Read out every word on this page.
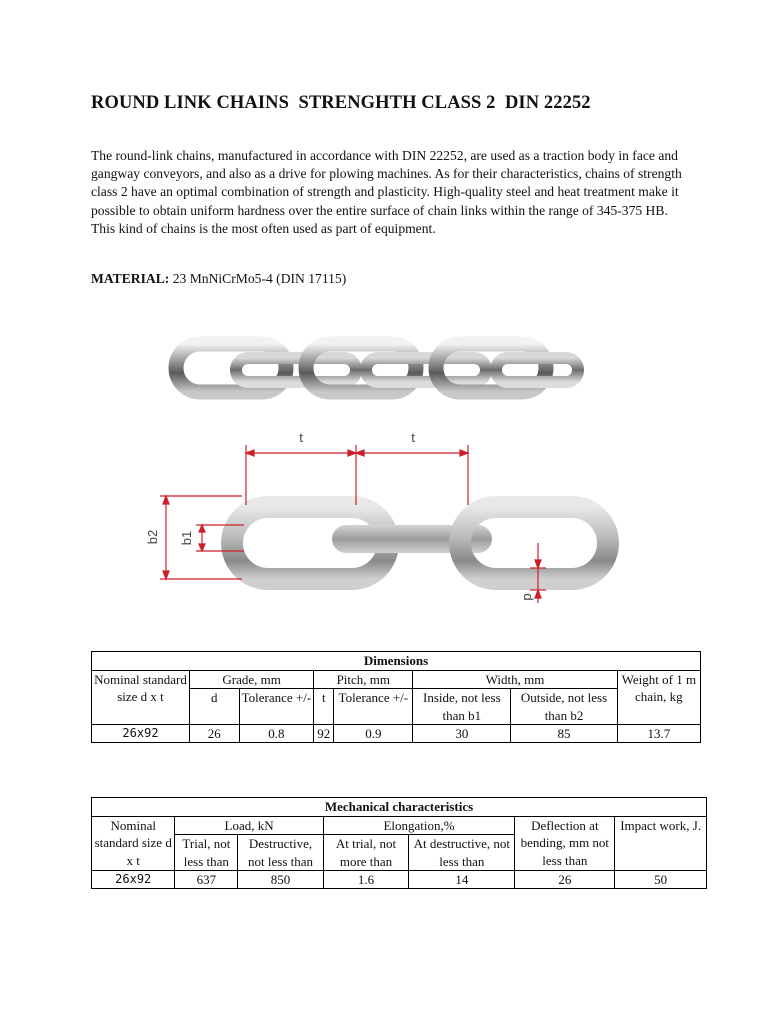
ROUND LINK CHAINS  STRENGHTH CLASS 2  DIN 22252
The round-link chains, manufactured in accordance with DIN 22252, are used as a traction body in face and gangway conveyors, and also as a drive for plowing machines. As for their characteristics, chains of strength class 2 have an optimal combination of strength and plasticity. High-quality steel and heat treatment make it possible to obtain uniform hardness over the entire surface of chain links within the range of 345-375 HB. This kind of chains is the most often used as part of equipment.
MATERIAL: 23 MnNiCrMo5-4 (DIN 17115)
t	t
b2 b1
d
Dimensions							
Nominal standard size d x t	Grade, mm		Pitch, mm		Width, mm		Weight of 1 m chain, kg
	d	Tolerance +/-	t	Tolerance +/-	Inside, not less than b1	Outside, not less than b2	
26x92	26	0.8	92	0.9	30	85	13.7
Mechanical characteristics						
Nominal standard size d x t	Load, kN		Elongation,%		Deflection at bending, mm not less than	Impact work, J.
	Trial, not less than	Destructive, not less than	At trial, not more than	At destructive, not less than		
26x92	637	850	1.6	14	26	50
